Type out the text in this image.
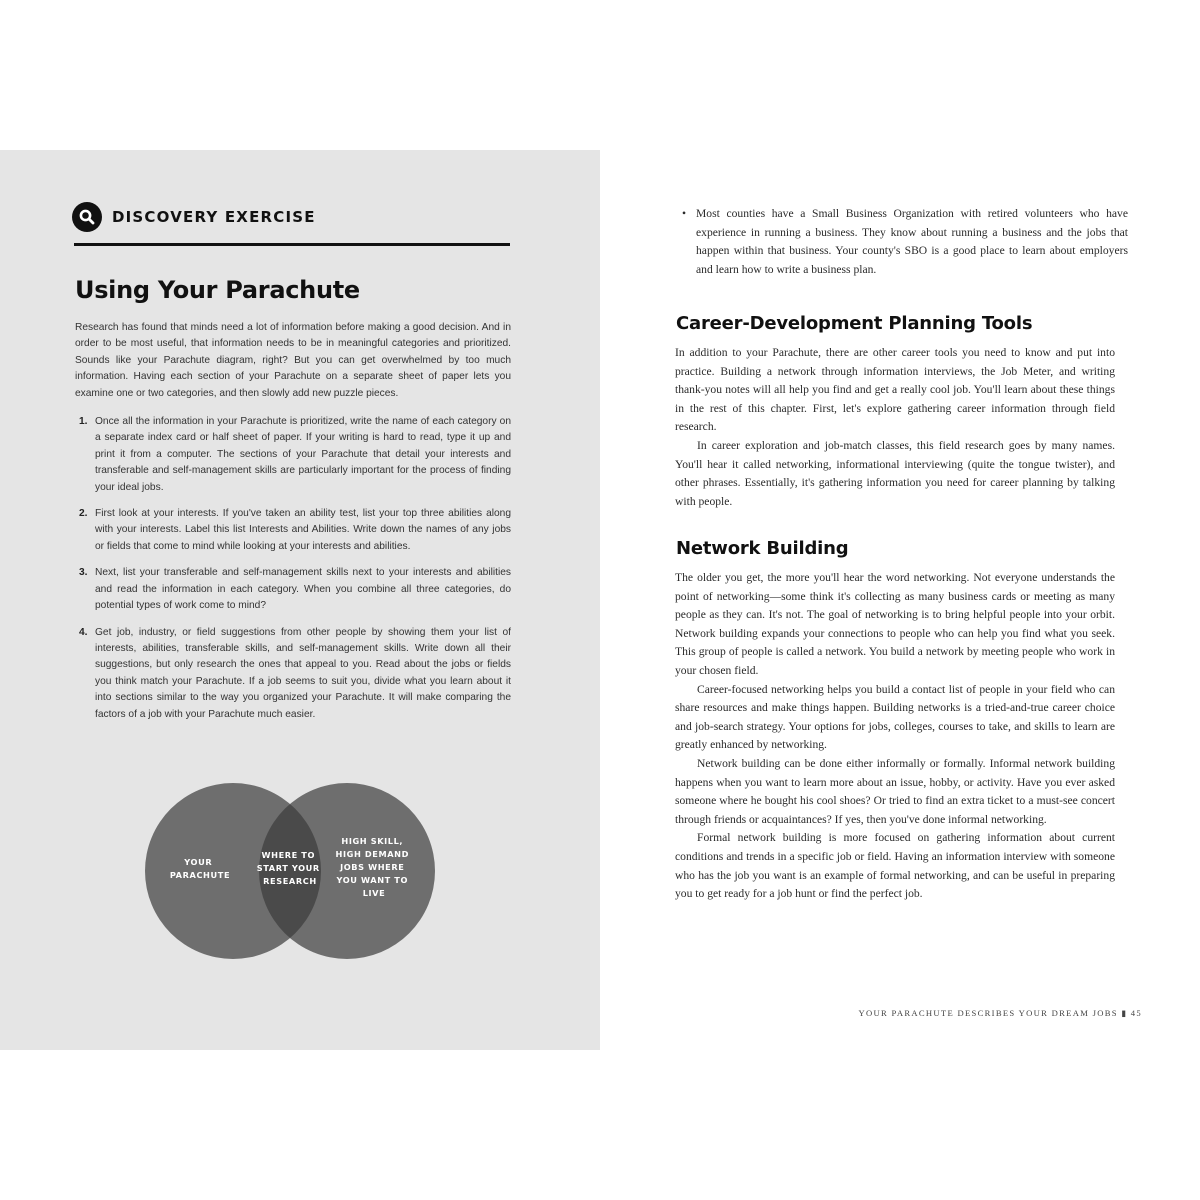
DISCOVERY EXERCISE
Using Your Parachute

Research has found that minds need a lot of information before making a good decision. And in order to be most useful, that information needs to be in meaningful categories and prioritized. Sounds like your Parachute diagram, right? But you can get overwhelmed by too much information. Having each section of your Parachute on a separate sheet of paper lets you examine one or two categories, and then slowly add new puzzle pieces.

1. Once all the information in your Parachute is prioritized, write the name of each category on a separate index card or half sheet of paper. If your writing is hard to read, type it up and print it from a computer. The sections of your Parachute that detail your interests and transferable and self-management skills are particularly important for the process of finding your ideal jobs.
2. First look at your interests. If you've taken an ability test, list your top three abilities along with your interests. Label this list Interests and Abilities. Write down the names of any jobs or fields that come to mind while looking at your interests and abilities.
3. Next, list your transferable and self-management skills next to your interests and abilities and read the information in each category. When you combine all three categories, do potential types of work come to mind?
4. Get job, industry, or field suggestions from other people by showing them your list of interests, abilities, transferable skills, and self-management skills. Write down all their suggestions, but only research the ones that appeal to you. Read about the jobs or fields you think match your Parachute. If a job seems to suit you, divide what you learn about it into sections similar to the way you organized your Parachute. It will make comparing the factors of a job with your Parachute much easier.
YOUR PARACHUTE
WHERE TO START YOUR RESEARCH
HIGH SKILL, HIGH DEMAND JOBS WHERE YOU WANT TO LIVE
• Most counties have a Small Business Organization with retired volunteers who have experience in running a business. They know about running a business and the jobs that happen within that business. Your county's SBO is a good place to learn about employers and learn how to write a business plan.
Career-Development Planning Tools

In addition to your Parachute, there are other career tools you need to know and put into practice. Building a network through information interviews, the Job Meter, and writing thank-you notes will all help you find and get a really cool job. You'll learn about these things in the rest of this chapter. First, let's explore gathering career information through field research.

In career exploration and job-match classes, this field research goes by many names. You'll hear it called networking, informational interviewing (quite the tongue twister), and other phrases. Essentially, it's gathering information you need for career planning by talking with people.

Network Building

The older you get, the more you'll hear the word networking. Not everyone understands the point of networking—some think it's collecting as many business cards or meeting as many people as they can. It's not. The goal of networking is to bring helpful people into your orbit. Network building expands your connections to people who can help you find what you seek. This group of people is called a network. You build a network by meeting people who work in your chosen field.

Career-focused networking helps you build a contact list of people in your field who can share resources and make things happen. Building networks is a tried-and-true career choice and job-search strategy. Your options for jobs, colleges, courses to take, and skills to learn are greatly enhanced by networking.

Network building can be done either informally or formally. Informal network building happens when you want to learn more about an issue, hobby, or activity. Have you ever asked someone where he bought his cool shoes? Or tried to find an extra ticket to a must-see concert through friends or acquaintances? If yes, then you've done informal networking.

Formal network building is more focused on gathering information about current conditions and trends in a specific job or field. Having an information interview with someone who has the job you want is an example of formal networking, and can be useful in preparing you to get ready for a job hunt or find the perfect job.

YOUR PARACHUTE DESCRIBES YOUR DREAM JOBS ▮ 45
